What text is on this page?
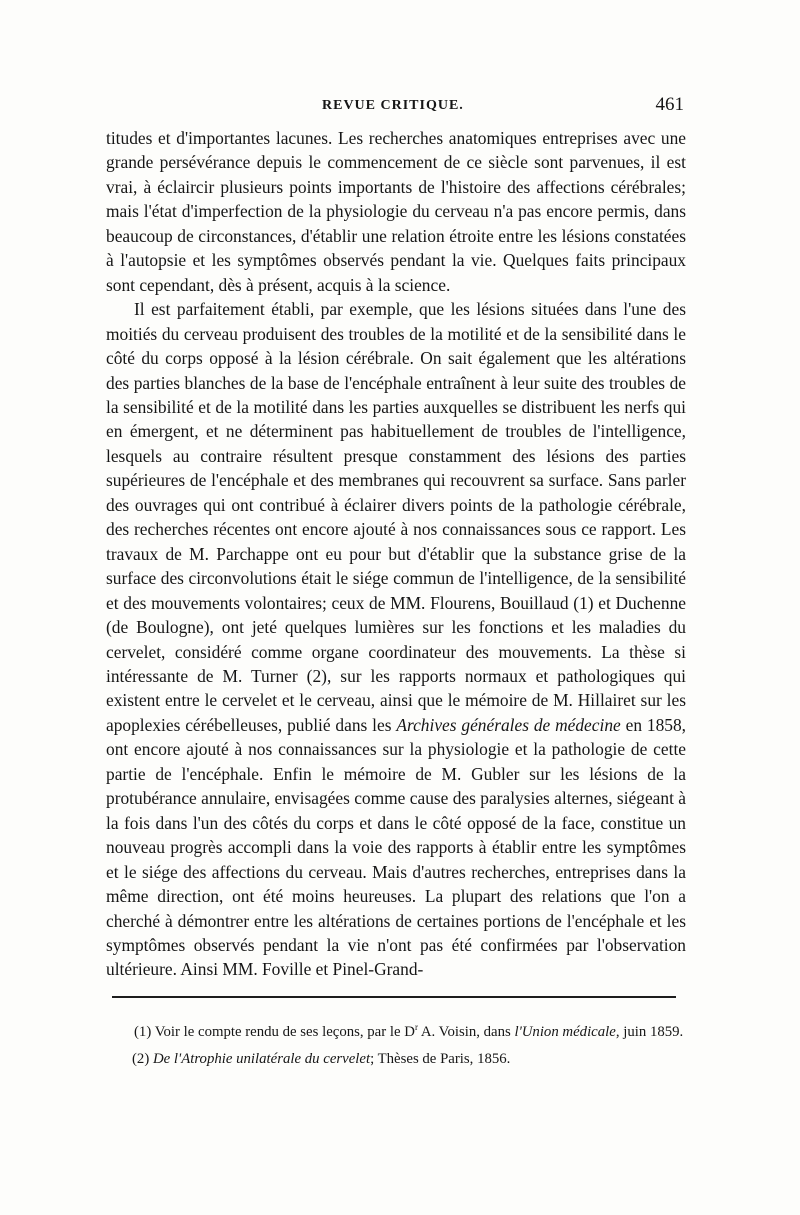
REVUE CRITIQUE.	461

titudes et d'importantes lacunes. Les recherches anatomiques entreprises avec une grande persévérance depuis le commencement de ce siècle sont parvenues, il est vrai, à éclaircir plusieurs points importants de l'histoire des affections cérébrales; mais l'état d'imperfection de la physiologie du cerveau n'a pas encore permis, dans beaucoup de circonstances, d'établir une relation étroite entre les lésions constatées à l'autopsie et les symptômes observés pendant la vie. Quelques faits principaux sont cependant, dès à présent, acquis à la science.

Il est parfaitement établi, par exemple, que les lésions situées dans l'une des moitiés du cerveau produisent des troubles de la motilité et de la sensibilité dans le côté du corps opposé à la lésion cérébrale. On sait également que les altérations des parties blanches de la base de l'encéphale entraînent à leur suite des troubles de la sensibilité et de la motilité dans les parties auxquelles se distribuent les nerfs qui en émergent, et ne déterminent pas habituellement de troubles de l'intelligence, lesquels au contraire résultent presque constamment des lésions des parties supérieures de l'encéphale et des membranes qui recouvrent sa surface. Sans parler des ouvrages qui ont contribué à éclairer divers points de la pathologie cérébrale, des recherches récentes ont encore ajouté à nos connaissances sous ce rapport. Les travaux de M. Parchappe ont eu pour but d'établir que la substance grise de la surface des circonvolutions était le siége commun de l'intelligence, de la sensibilité et des mouvements volontaires; ceux de MM. Flourens, Bouillaud (1) et Duchenne (de Boulogne), ont jeté quelques lumières sur les fonctions et les maladies du cervelet, considéré comme organe coordinateur des mouvements. La thèse si intéressante de M. Turner (2), sur les rapports normaux et pathologiques qui existent entre le cervelet et le cerveau, ainsi que le mémoire de M. Hillairet sur les apoplexies cérébelleuses, publié dans les Archives générales de médecine en 1858, ont encore ajouté à nos connaissances sur la physiologie et la pathologie de cette partie de l'encéphale. Enfin le mémoire de M. Gubler sur les lésions de la protubérance annulaire, envisagées comme cause des paralysies alternes, siégeant à la fois dans l'un des côtés du corps et dans le côté opposé de la face, constitue un nouveau progrès accompli dans la voie des rapports à établir entre les symptômes et le siége des affections du cerveau. Mais d'autres recherches, entreprises dans la même direction, ont été moins heureuses. La plupart des relations que l'on a cherché à démontrer entre les altérations de certaines portions de l'encéphale et les symptômes observés pendant la vie n'ont pas été confirmées par l'observation ultérieure. Ainsi MM. Foville et Pinel-Grand-

(1) Voir le compte rendu de ses leçons, par le $D^r$ A. Voisin, dans l'Union médicale, juin 1859.

(2) De l'Atrophie unilatérale du cervelet; Thèses de Paris, 1856.
